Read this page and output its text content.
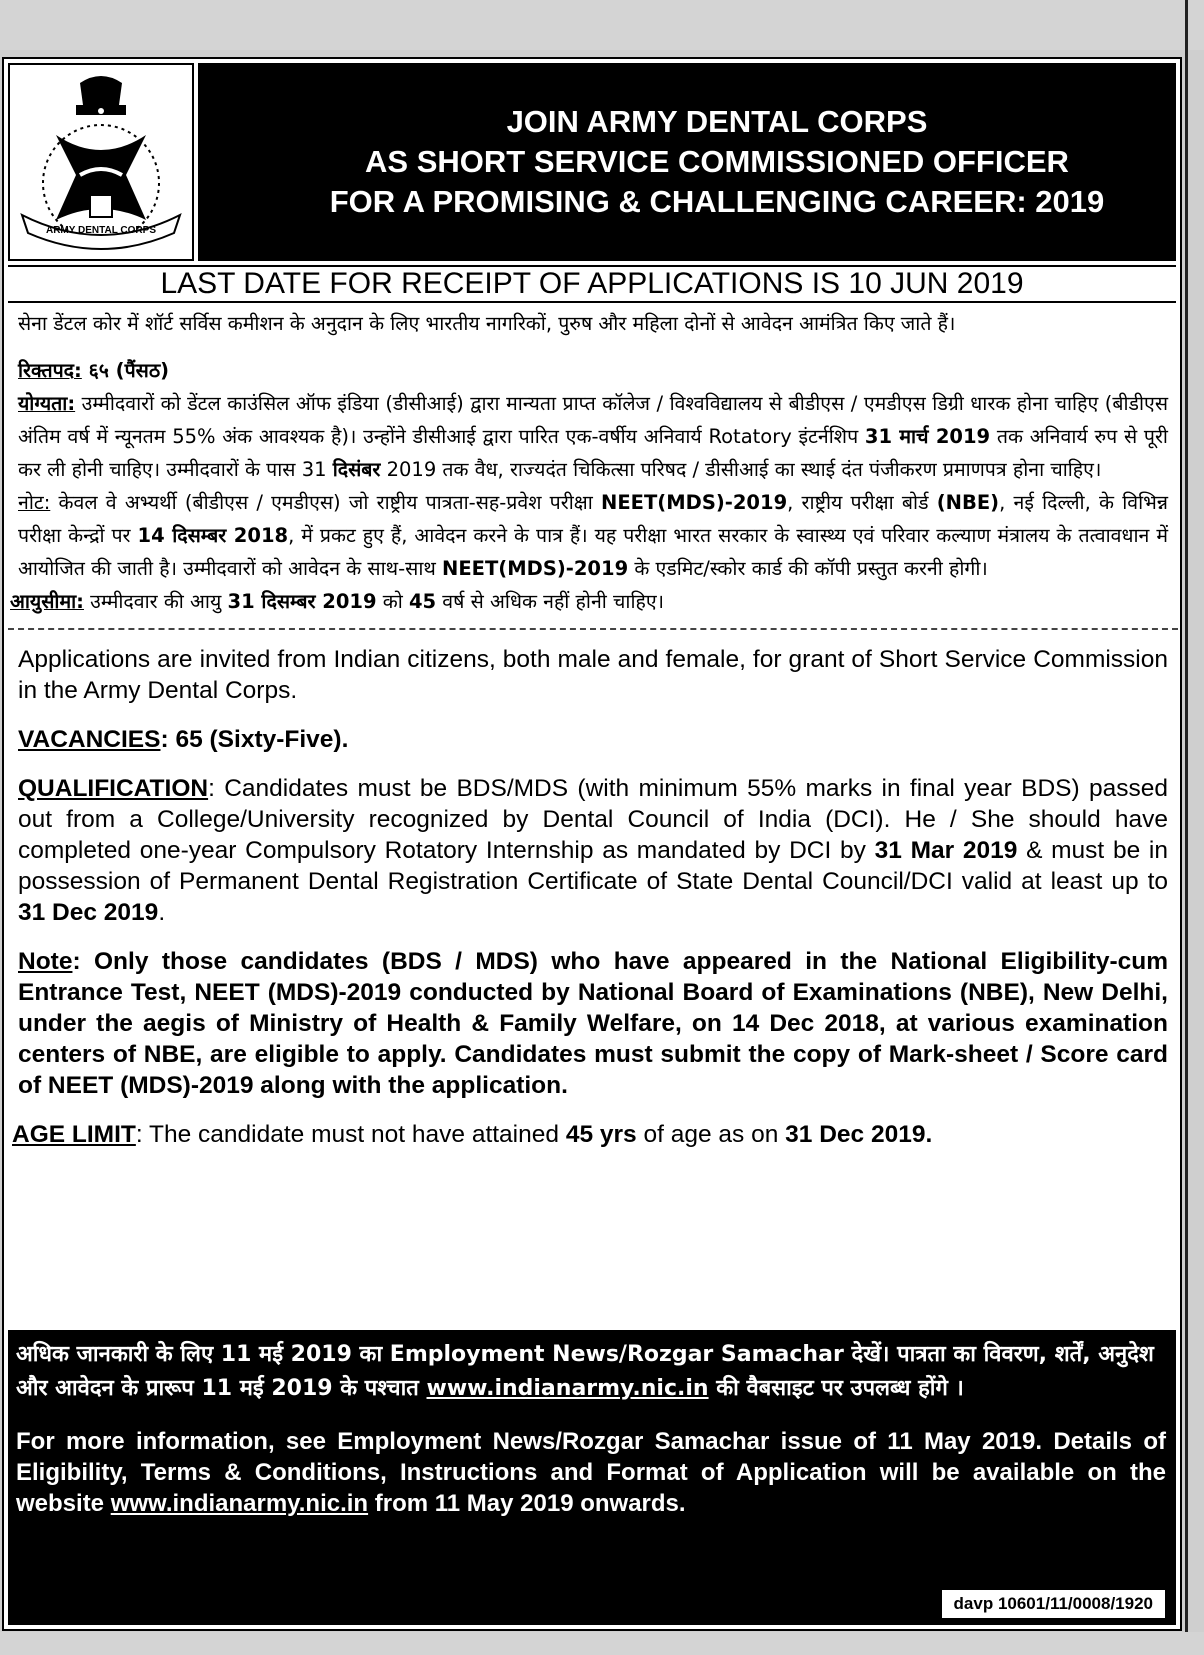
ARMY DENTAL CORPS
JOIN ARMY DENTAL CORPS
AS SHORT SERVICE COMMISSIONED OFFICER
FOR A PROMISING & CHALLENGING CAREER: 2019
LAST DATE FOR RECEIPT OF APPLICATIONS IS 10 JUN 2019

सेना डेंटल कोर में शॉर्ट सर्विस कमीशन के अनुदान के लिए भारतीय नागरिकों, पुरुष और महिला दोनों से आवेदन आमंत्रित किए जाते हैं।

रिक्तपद: ६५ (पैंसठ)

योग्यता: उम्मीदवारों को डेंटल काउंसिल ऑफ इंडिया (डीसीआई) द्वारा मान्यता प्राप्त कॉलेज / विश्वविद्यालय से बीडीएस / एमडीएस डिग्री धारक होना चाहिए (बीडीएस अंतिम वर्ष में न्यूनतम 55% अंक आवश्यक है)। उन्होंने डीसीआई द्वारा पारित एक-वर्षीय अनिवार्य Rotatory इंटर्नशिप 31 मार्च 2019 तक अनिवार्य रुप से पूरी कर ली होनी चाहिए। उम्मीदवारों के पास 31 दिसंबर 2019 तक वैध, राज्यदंत चिकित्सा परिषद / डीसीआई का स्थाई दंत पंजीकरण प्रमाणपत्र होना चाहिए।

नोट: केवल वे अभ्यर्थी (बीडीएस / एमडीएस) जो राष्ट्रीय पात्रता-सह-प्रवेश परीक्षा NEET(MDS)-2019, राष्ट्रीय परीक्षा बोर्ड (NBE), नई दिल्ली, के विभिन्न परीक्षा केन्द्रों पर 14 दिसम्बर 2018, में प्रकट हुए हैं, आवेदन करने के पात्र हैं। यह परीक्षा भारत सरकार के स्वास्थ्य एवं परिवार कल्याण मंत्रालय के तत्वावधान में आयोजित की जाती है। उम्मीदवारों को आवेदन के साथ-साथ NEET(MDS)-2019 के एडमिट/स्कोर कार्ड की कॉपी प्रस्तुत करनी होगी।

आयुसीमा: उम्मीदवार की आयु 31 दिसम्बर 2019 को 45 वर्ष से अधिक नहीं होनी चाहिए।

Applications are invited from Indian citizens, both male and female, for grant of Short Service Commission in the Army Dental Corps.

VACANCIES: 65 (Sixty-Five).

QUALIFICATION: Candidates must be BDS/MDS (with minimum 55% marks in final year BDS) passed out from a College/University recognized by Dental Council of India (DCI). He / She should have completed one-year Compulsory Rotatory Internship as mandated by DCI by 31 Mar 2019 & must be in possession of Permanent Dental Registration Certificate of State Dental Council/DCI valid at least up to 31 Dec 2019.

Note: Only those candidates (BDS / MDS) who have appeared in the National Eligibility-cum Entrance Test, NEET (MDS)-2019 conducted by National Board of Examinations (NBE), New Delhi, under the aegis of Ministry of Health & Family Welfare, on 14 Dec 2018, at various examination centers of NBE, are eligible to apply. Candidates must submit the copy of Mark-sheet / Score card of NEET (MDS)-2019 along with the application.

AGE LIMIT: The candidate must not have attained 45 yrs of age as on 31 Dec 2019.

अधिक जानकारी के लिए 11 मई 2019 का Employment News/Rozgar Samachar देखें। पात्रता का विवरण, शर्तें, अनुदेश और आवेदन के प्रारूप 11 मई 2019 के पश्चात www.indianarmy.nic.in की वैबसाइट पर उपलब्ध होंगे ।
For more information, see Employment News/Rozgar Samachar issue of 11 May 2019. Details of Eligibility, Terms & Conditions, Instructions and Format of Application will be available on the website www.indianarmy.nic.in from 11 May 2019 onwards.
davp 10601/11/0008/1920
